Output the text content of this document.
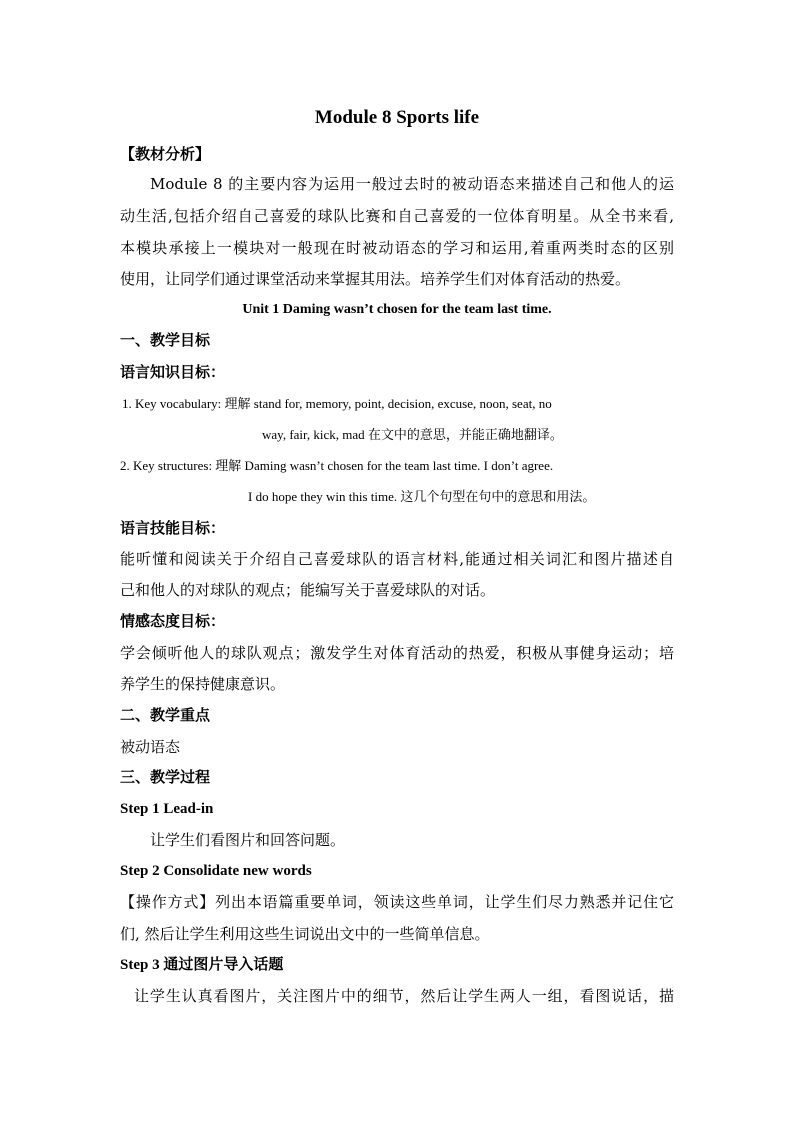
Module 8 Sports life
【教材分析】
Module 8 的主要内容为运用一般过去时的被动语态来描述自己和他人的运
动生活,包括介绍自己喜爱的球队比赛和自己喜爱的一位体育明星。从全书来看,
本模块承接上一模块对一般现在时被动语态的学习和运用,着重两类时态的区别
使用，让同学们通过课堂活动来掌握其用法。培养学生们对体育活动的热爱。
Unit 1 Daming wasn’t chosen for the team last time.
一、教学目标
语言知识目标：
1. Key vocabulary: 理解 stand for, memory, point, decision, excuse, noon, seat, no
way, fair, kick, mad 在文中的意思，并能正确地翻译。
2. Key structures: 理解 Daming wasn’t chosen for the team last time. I don’t agree.
I do hope they win this time. 这几个句型在句中的意思和用法。
语言技能目标：
能听懂和阅读关于介绍自己喜爱球队的语言材料,能通过相关词汇和图片描述自
己和他人的对球队的观点；能编写关于喜爱球队的对话。
情感态度目标：
学会倾听他人的球队观点；激发学生对体育活动的热爱，积极从事健身运动；培
养学生的保持健康意识。
二、教学重点
被动语态
三、教学过程
Step 1 Lead-in
让学生们看图片和回答问题。
Step 2 Consolidate new words
【操作方式】列出本语篇重要单词，领读这些单词，让学生们尽力熟悉并记住它
们, 然后让学生利用这些生词说出文中的一些简单信息。
Step 3 通过图片导入话题
让学生认真看图片，关注图片中的细节，然后让学生两人一组，看图说话，描
